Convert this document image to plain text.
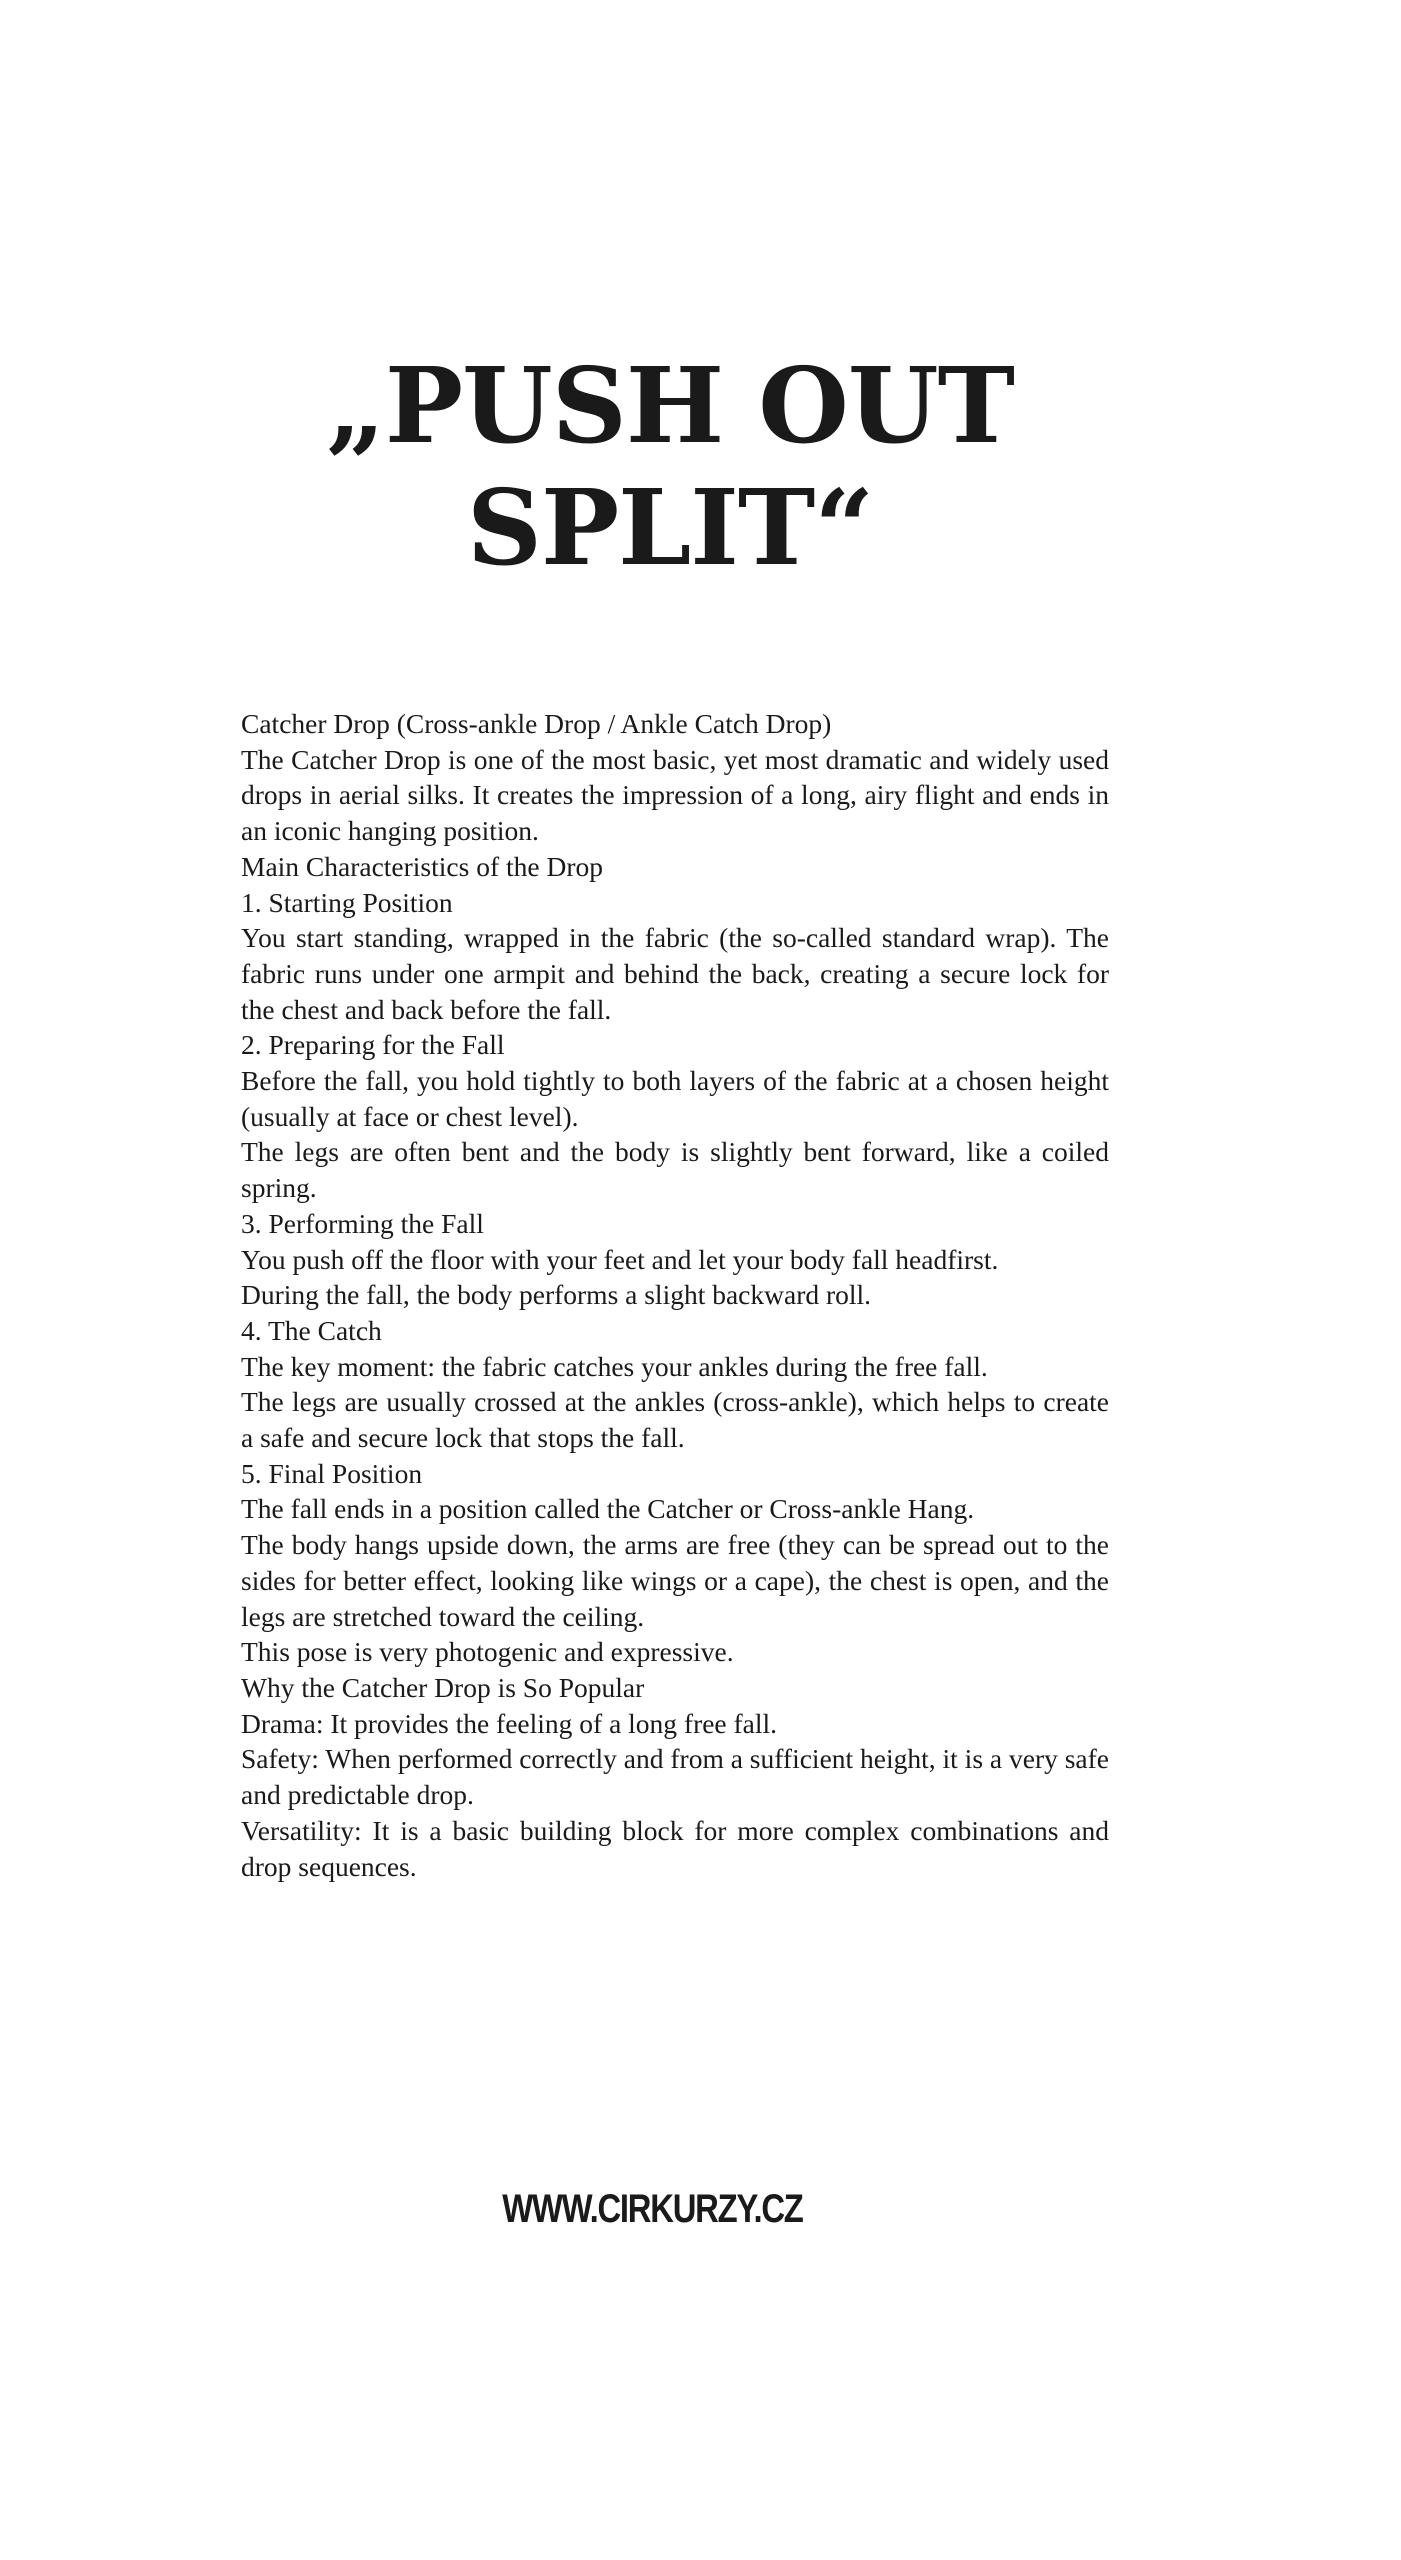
„PUSH OUT
SPLIT“

Catcher Drop (Cross-ankle Drop / Ankle Catch Drop)

The Catcher Drop is one of the most basic, yet most dramatic and widely used drops in aerial silks. It creates the impression of a long, airy flight and ends in an iconic hanging position.

Main Characteristics of the Drop

1. Starting Position

You start standing, wrapped in the fabric (the so-called standard wrap). The fabric runs under one armpit and behind the back, creating a secure lock for the chest and back before the fall.

2. Preparing for the Fall

Before the fall, you hold tightly to both layers of the fabric at a chosen height (usually at face or chest level).

The legs are often bent and the body is slightly bent forward, like a coiled spring.

3. Performing the Fall

You push off the floor with your feet and let your body fall headfirst.

During the fall, the body performs a slight backward roll.

4. The Catch

The key moment: the fabric catches your ankles during the free fall.

The legs are usually crossed at the ankles (cross-ankle), which helps to create a safe and secure lock that stops the fall.

5. Final Position

The fall ends in a position called the Catcher or Cross-ankle Hang.

The body hangs upside down, the arms are free (they can be spread out to the sides for better effect, looking like wings or a cape), the chest is open, and the legs are stretched toward the ceiling.

This pose is very photogenic and expressive.

Why the Catcher Drop is So Popular

Drama: It provides the feeling of a long free fall.

Safety: When performed correctly and from a sufficient height, it is a very safe and predictable drop.

Versatility: It is a basic building block for more complex combinations and drop sequences.

WWW.CIRKURZY.CZ
